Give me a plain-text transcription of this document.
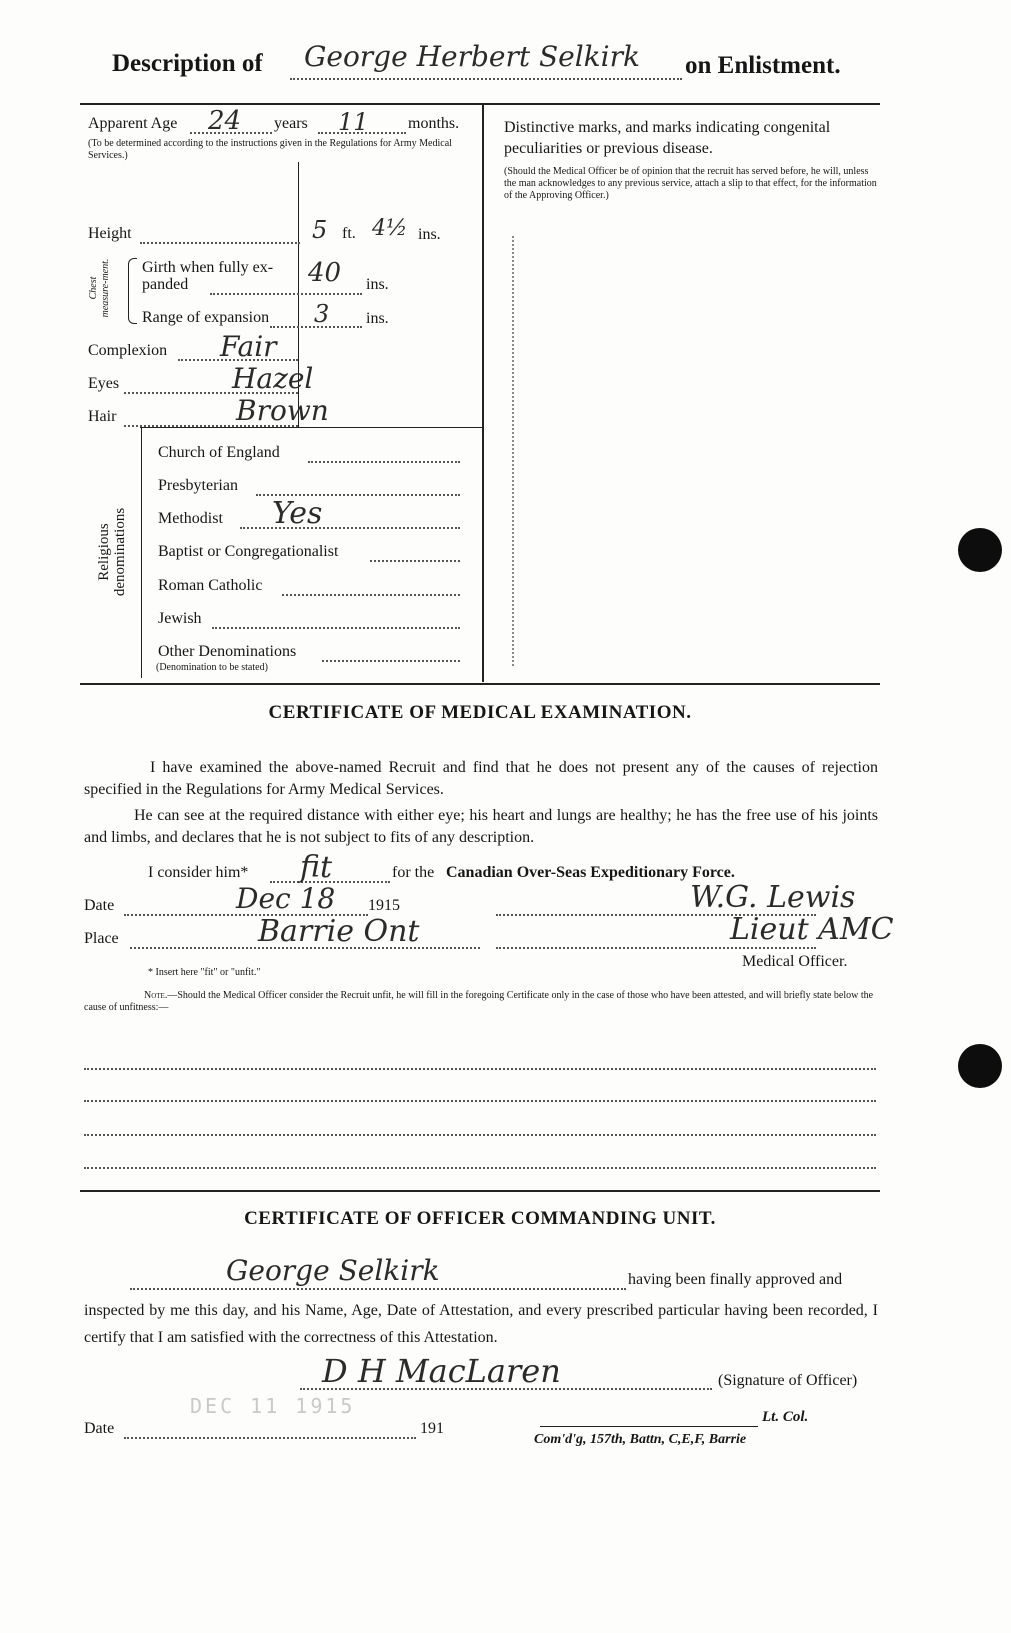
Description of George Herbert Selkirk on Enlistment.
Apparent Age 24 years 11 months.
(To be determined according to the instructions given in the Regulations for Army Medical Services.)
Distinctive marks, and marks indicating congenital peculiarities or previous disease.
(Should the Medical Officer be of opinion that the recruit has served before, he will, unless the man acknowledges to any previous service, attach a slip to that effect, for the information of the Approving Officer.)
Height	5 ft. 4½ ins.
Chest measure-ment. Girth when fully ex-
panded	40 ins.
Range of expansion 3 ins.
Complexion Fair
Eyes	Hazel
Hair	Brown
Religious denominations
Church of England
Presbyterian
Methodist Yes
Baptist or Congregationalist
Roman Catholic
Jewish
Other Denominations
(Denomination to be stated)
CERTIFICATE OF MEDICAL EXAMINATION.
I have examined the above-named Recruit and find that he does not present any of the causes of rejection specified in the Regulations for Army Medical Services.
He can see at the required distance with either eye; his heart and lungs are healthy; he has the free use of his joints and limbs, and declares that he is not subject to fits of any description.
I consider him* fit	for the Canadian Over-Seas Expeditionary Force.
Date	Dec 18 1915	W.G. Lewis
Place	Barrie Ont	Lieut AMC
Medical Officer.
* Insert here "fit" or "unfit."
Note.—Should the Medical Officer consider the Recruit unfit, he will fill in the foregoing Certificate only in the case of those who have been attested, and will briefly state below the cause of unfitness:—
CERTIFICATE OF OFFICER COMMANDING UNIT.
George Selkirk	having been finally approved and
inspected by me this day, and his Name, Age, Date of Attestation, and every prescribed particular having been recorded, I certify that I am satisfied with the correctness of this Attestation.
D H MacLaren	(Signature of Officer)
DEC 11 1915
Date	191
Lt. Col.
Com'd'g, 157th, Battn, C,E,F, Barrie
